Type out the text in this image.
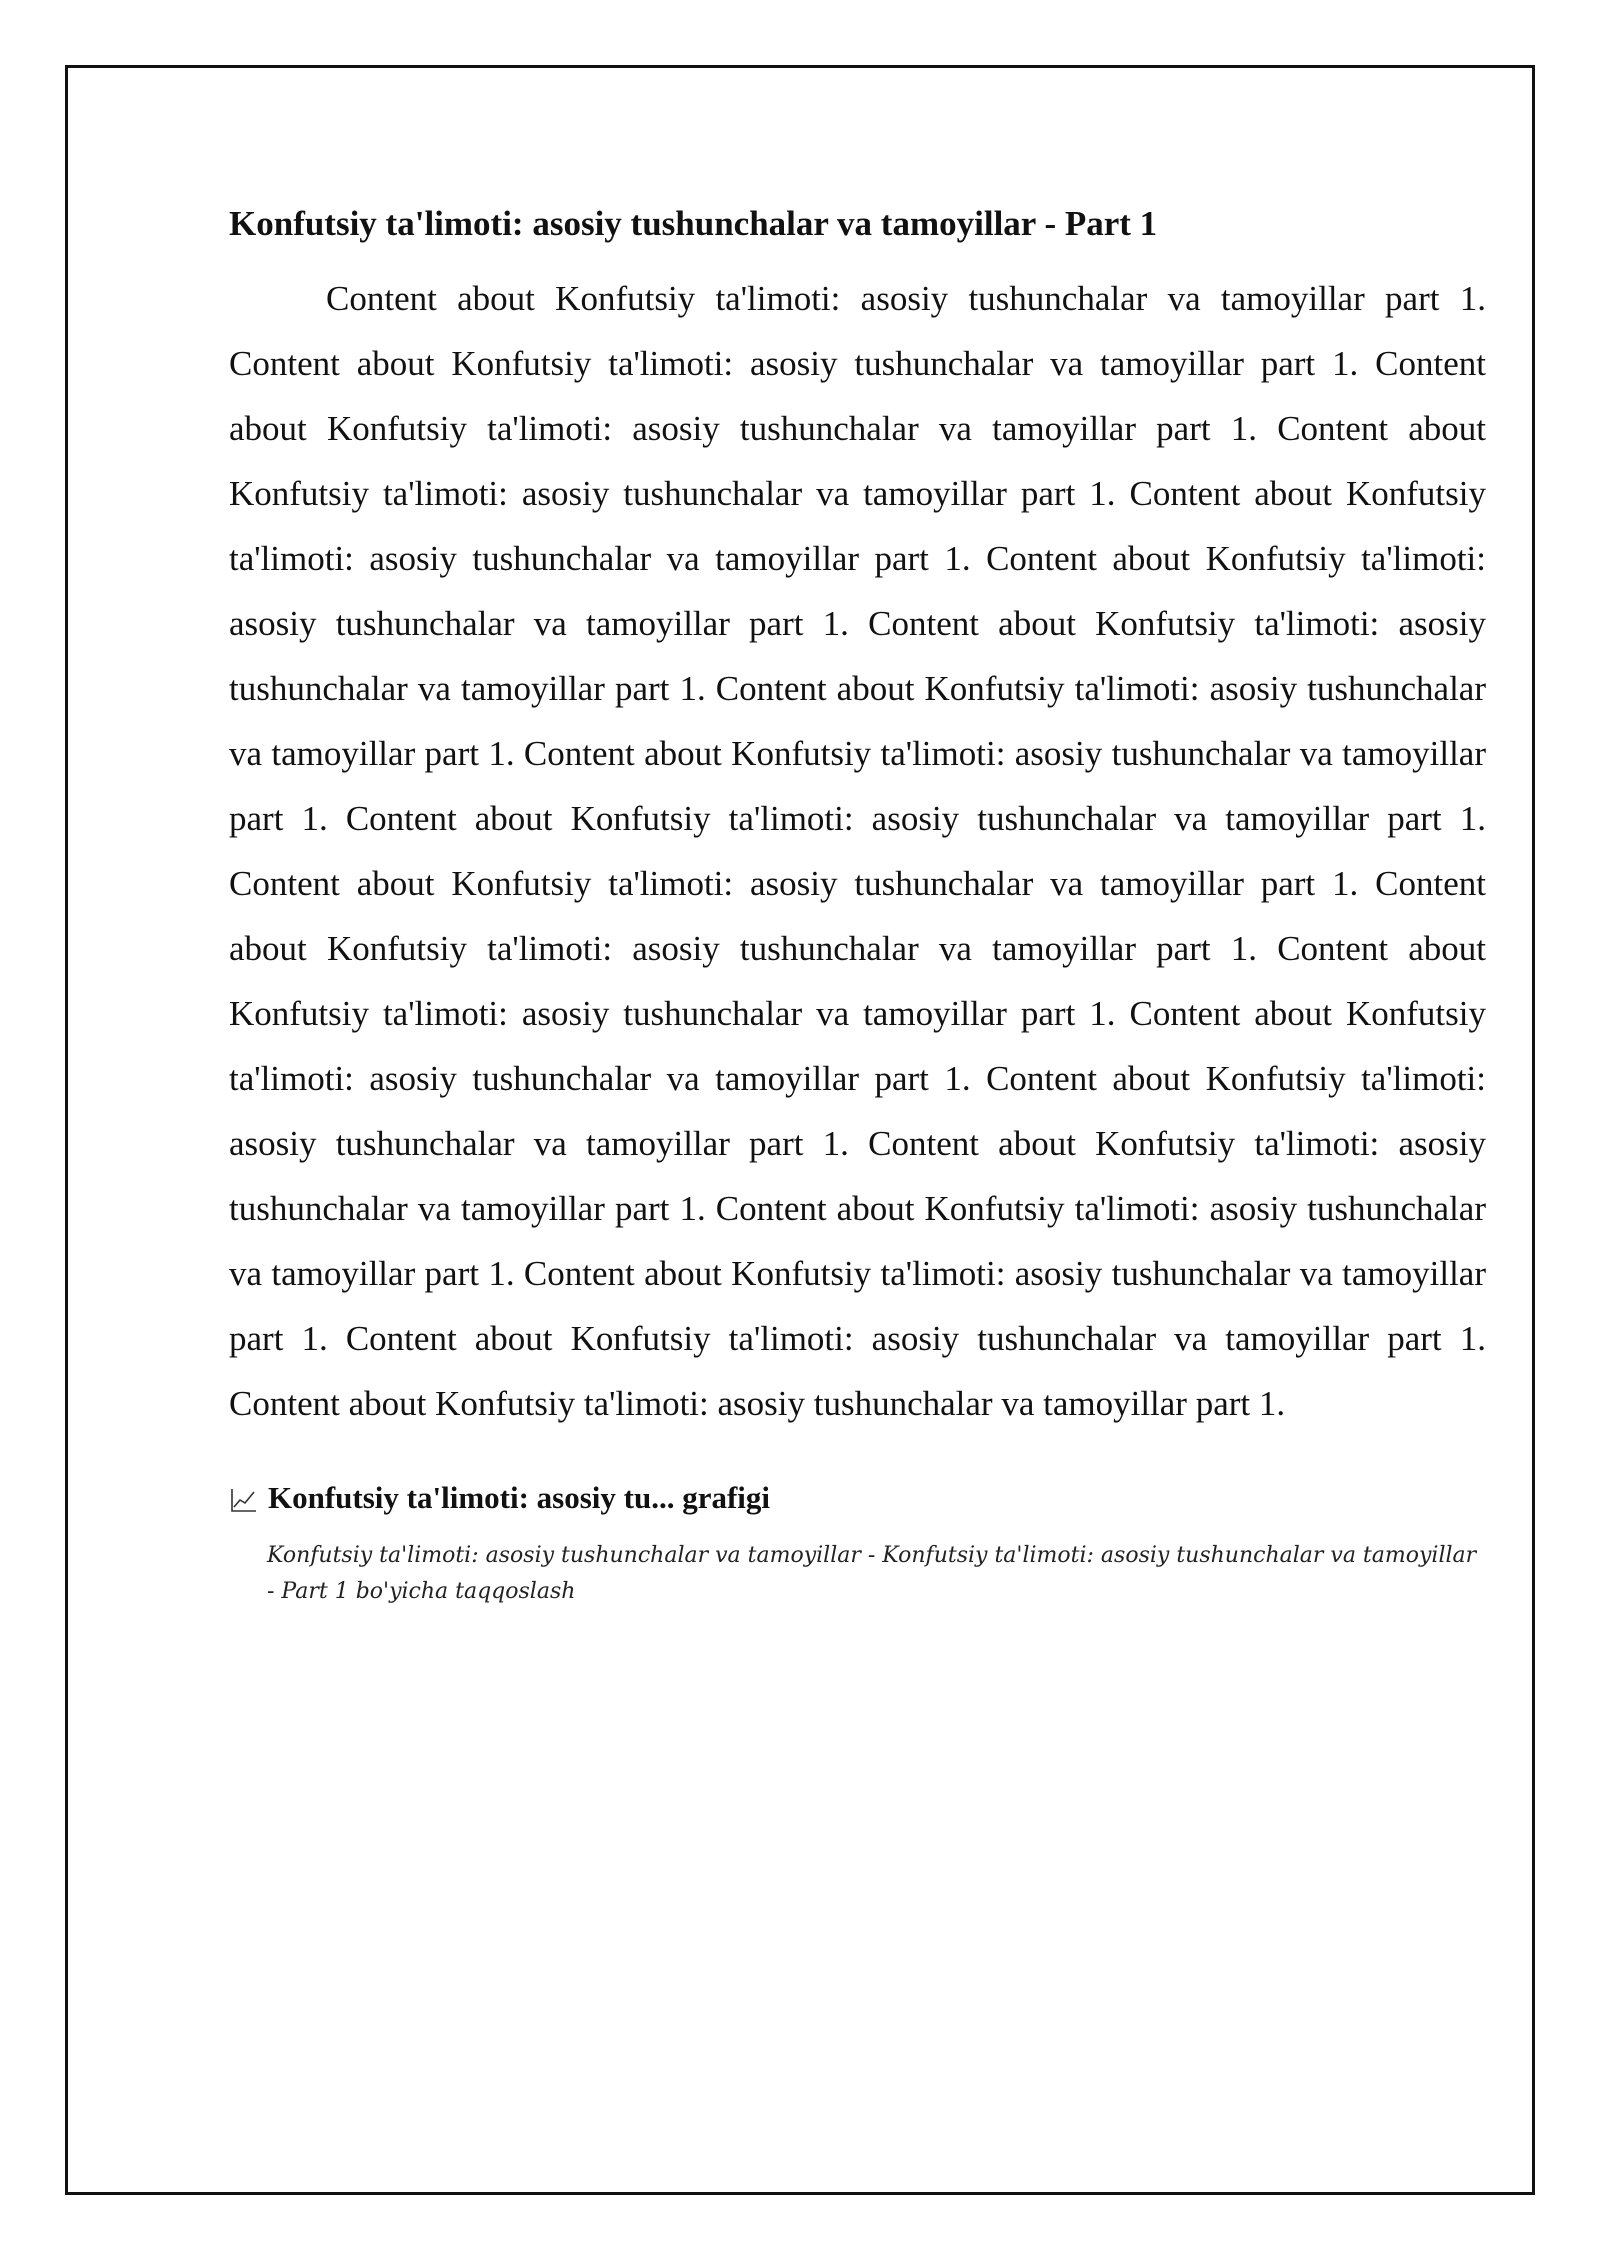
Konfutsiy ta'limoti: asosiy tushunchalar va tamoyillar - Part 1

Content about Konfutsiy ta'limoti: asosiy tushunchalar va tamoyillar part 1. Content about Konfutsiy ta'limoti: asosiy tushunchalar va tamoyillar part 1. Content about Konfutsiy ta'limoti: asosiy tushunchalar va tamoyillar part 1. Content about Konfutsiy ta'limoti: asosiy tushunchalar va tamoyillar part 1. Content about Konfutsiy ta'limoti: asosiy tushunchalar va tamoyillar part 1. Content about Konfutsiy ta'limoti: asosiy tushunchalar va tamoyillar part 1. Content about Konfutsiy ta'limoti: asosiy tushunchalar va tamoyillar part 1. Content about Konfutsiy ta'limoti: asosiy tushunchalar va tamoyillar part 1. Content about Konfutsiy ta'limoti: asosiy tushunchalar va tamoyillar part 1. Content about Konfutsiy ta'limoti: asosiy tushunchalar va tamoyillar part 1. Content about Konfutsiy ta'limoti: asosiy tushunchalar va tamoyillar part 1. Content about Konfutsiy ta'limoti: asosiy tushunchalar va tamoyillar part 1. Content about Konfutsiy ta'limoti: asosiy tushunchalar va tamoyillar part 1. Content about Konfutsiy ta'limoti: asosiy tushunchalar va tamoyillar part 1. Content about Konfutsiy ta'limoti: asosiy tushunchalar va tamoyillar part 1. Content about Konfutsiy ta'limoti: asosiy tushunchalar va tamoyillar part 1. Content about Konfutsiy ta'limoti: asosiy tushunchalar va tamoyillar part 1. Content about Konfutsiy ta'limoti: asosiy tushunchalar va tamoyillar part 1. Content about Konfutsiy ta'limoti: asosiy tushunchalar va tamoyillar part 1. Content about Konfutsiy ta'limoti: asosiy tushunchalar va tamoyillar part 1.

Konfutsiy ta'limoti: asosiy tu... grafigi

Konfutsiy ta'limoti: asosiy tushunchalar va tamoyillar - Konfutsiy ta'limoti: asosiy tushunchalar va tamoyillar - Part 1 bo'yicha taqqoslash
